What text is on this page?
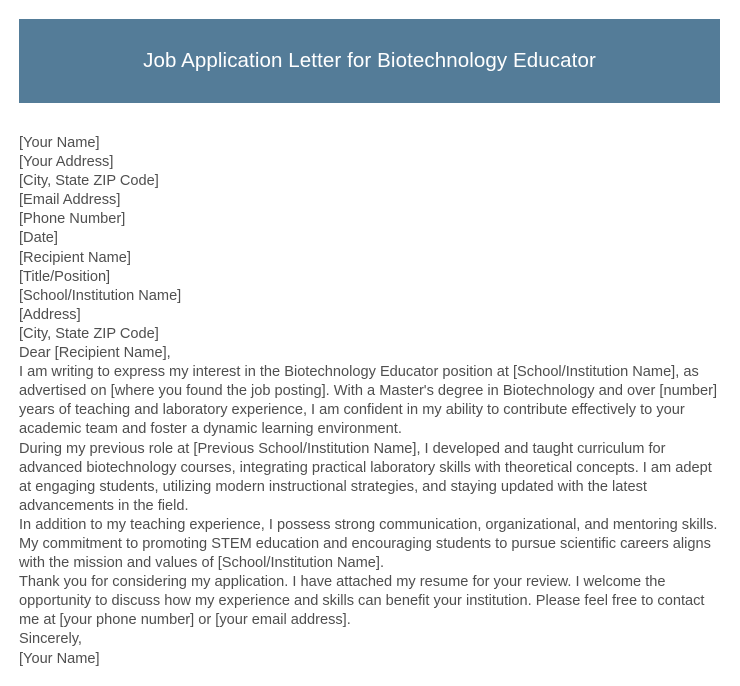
Job Application Letter for Biotechnology Educator
[Your Name]
[Your Address]
[City, State ZIP Code]
[Email Address]
[Phone Number]
[Date]
[Recipient Name]
[Title/Position]
[School/Institution Name]
[Address]
[City, State ZIP Code]
Dear [Recipient Name],
I am writing to express my interest in the Biotechnology Educator position at [School/Institution Name], as advertised on [where you found the job posting]. With a Master's degree in Biotechnology and over [number] years of teaching and laboratory experience, I am confident in my ability to contribute effectively to your academic team and foster a dynamic learning environment.
During my previous role at [Previous School/Institution Name], I developed and taught curriculum for advanced biotechnology courses, integrating practical laboratory skills with theoretical concepts. I am adept at engaging students, utilizing modern instructional strategies, and staying updated with the latest advancements in the field.
In addition to my teaching experience, I possess strong communication, organizational, and mentoring skills. My commitment to promoting STEM education and encouraging students to pursue scientific careers aligns with the mission and values of [School/Institution Name].
Thank you for considering my application. I have attached my resume for your review. I welcome the opportunity to discuss how my experience and skills can benefit your institution. Please feel free to contact me at [your phone number] or [your email address].
Sincerely,
[Your Name]
